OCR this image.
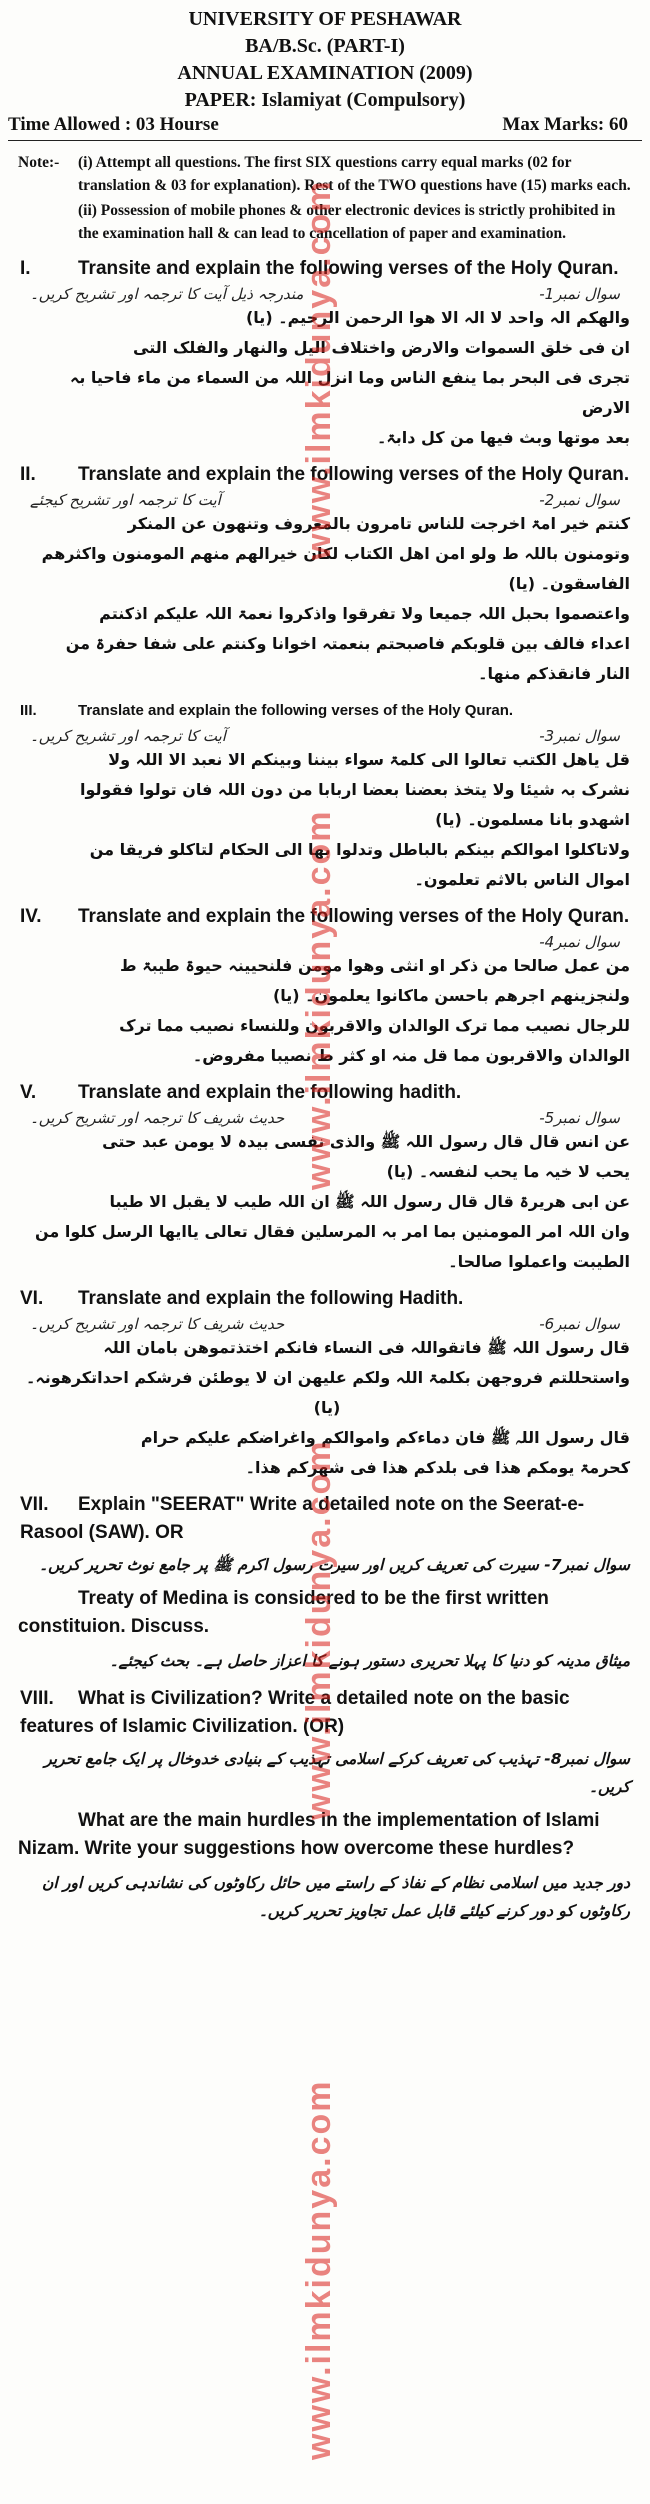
www.ilmkidunya.com
www.ilmkidunya.com
www.ilmkidunya.com
www.ilmkidunya.com
UNIVERSITY OF PESHAWAR
BA/B.Sc. (PART-I)
ANNUAL EXAMINATION (2009)
PAPER: Islamiyat (Compulsory)
Time Allowed : 03 Hourse	Max Marks: 60
Note:-	(i) Attempt all questions. The first SIX questions carry equal marks (02 for translation & 03 for explanation). Rest of the TWO questions have (15) marks each.

(ii) Possession of mobile phones & other electronic devices is strictly prohibited in the examination hall & can lead to cancellation of paper and examination.

I. Transite and explain the following verses of the Holy Quran.
سوال نمبر1-
مندرجہ ذیل آیت کا ترجمہ اور تشریح کریں۔
والھکم الہ واحد لا الہ الا ھوا الرحمن الرحیم۔ (یا)
ان فی خلق السموات والارض واختلاف الیل والنھار والفلک التی
تجری فی البحر بما ینفع الناس وما انزل اللہ من السماء من ماء فاحیا بہ الارض
بعد موتھا وبث فیھا من کل دابۃ۔
II. Translate and explain the following verses of the Holy Quran.
سوال نمبر2-
آیت کا ترجمہ اور تشریح کیجئے
کنتم خیر امۃ اخرجت للناس تامرون بالمعروف وتنھون عن المنکر
وتومنون باللہ ط ولو امن اھل الکتاب لکان خیرالھم منھم المومنون واکثرھم
الفاسقون۔ (یا)
واعتصموا بحبل اللہ جمیعا ولا تفرقوا واذکروا نعمۃ اللہ علیکم اذکنتم
اعداء فالف بین قلوبکم فاصبحتم بنعمتہ اخوانا وکنتم علی شفا حفرۃ من
النار فانقذکم منھا۔
III.	Translate and explain the following verses of the Holy Quran.
سوال نمبر3-
آیت کا ترجمہ اور تشریح کریں۔
قل یاھل الکتب تعالوا الی کلمۃ سواء بیننا وبینکم الا نعبد الا اللہ ولا
نشرک بہ شیئا ولا یتخذ بعضنا بعضا اربابا من دون اللہ فان تولوا فقولوا
اشھدو بانا مسلمون۔ (یا)
ولاتاکلوا اموالکم بینکم بالباطل وتدلوا بھا الی الحکام لتاکلو فریقا من
اموال الناس بالاثم تعلمون۔
IV. Translate and explain the following verses of the Holy Quran.
سوال نمبر4-
من عمل صالحا من ذکر او انثی وھوا مومن فلنحیینہ حیوۃ طیبۃ ط
ولنجزینھم اجرھم باحسن ماکانوا یعلمون۔ (یا)
للرجال نصیب مما ترک الوالدان والاقربون وللنساء نصیب مما ترک
الوالدان والاقربون مما قل منہ او کثر ط نصیبا مفروض۔
V. Translate and explain the following hadith.
سوال نمبر5-
حدیث شریف کا ترجمہ اور تشریح کریں۔
عن انس قال قال رسول اللہ ﷺ والذی نفسی بیدہ لا یومن عبد حتی
یحب لا خیہ ما یحب لنفسہ۔ (یا)
عن ابی ھریرۃ قال قال رسول اللہ ﷺ ان اللہ طیب لا یقبل الا طیبا
وان اللہ امر المومنین بما امر بہ المرسلین فقال تعالی یاایھا الرسل کلوا من
الطیبت واعملوا صالحا۔
VI. Translate and explain the following Hadith.
سوال نمبر6-
حدیث شریف کا ترجمہ اور تشریح کریں۔
قال رسول اللہ ﷺ فاتقواللہ فی النساء فانکم اختذتموھن بامان اللہ
واستحللتم فروجھن بکلمۃ اللہ ولکم علیھن ان لا یوطئن فرشکم احداتکرھونہ۔
(یا)
قال رسول اللہ ﷺ فان دماءکم واموالکم واغراضکم علیکم حرام
کحرمۃ یومکم ھذا فی بلدکم ھذا فی شھرکم ھذا۔
VII. Explain "SEERAT" Write a detailed note on the Seerat-e-Rasool (SAW). OR
سوال نمبر7- سیرت کی تعریف کریں اور سیرت رسول اکرم ﷺ پر جامع نوٹ تحریر کریں۔
Treaty of Medina is considered to be the first written constituion. Discuss.
میثاق مدینہ کو دنیا کا پہلا تحریری دستور ہونے کا اعزاز حاصل ہے۔ بحث کیجئے۔
VIII. What is Civilization? Write a detailed note on the basic features of Islamic Civilization. (OR)
سوال نمبر8- تہذیب کی تعریف کرکے اسلامی تہذیب کے بنیادی خدوخال پر ایک جامع تحریر کریں۔
What are the main hurdles in the implementation of Islami Nizam. Write your suggestions how overcome these hurdles?
دور جدید میں اسلامی نظام کے نفاذ کے راستے میں حائل رکاوٹوں کی نشاندہی کریں اور ان رکاوٹوں کو دور کرنے کیلئے قابل عمل تجاویز تحریر کریں۔
